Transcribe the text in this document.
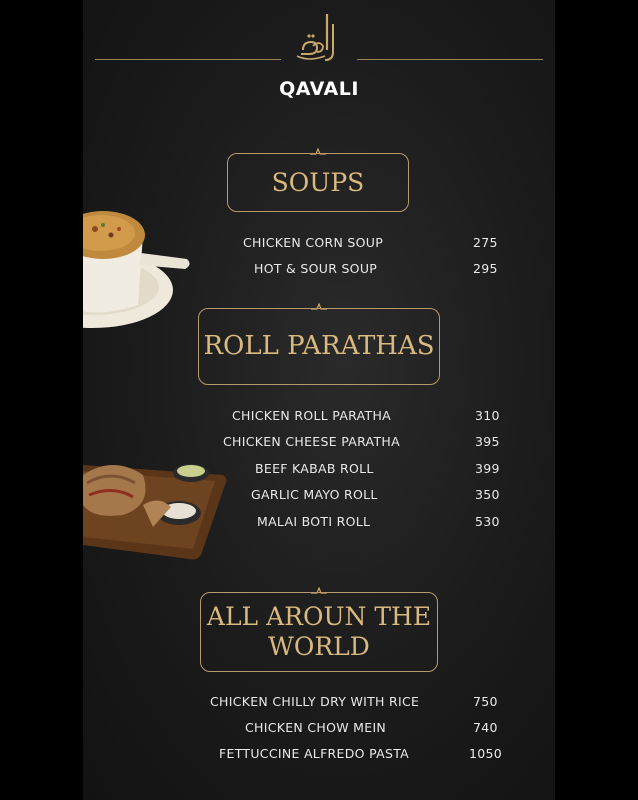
QAVALI
SOUPS
CHICKEN CORN SOUP	275
HOT & SOUR SOUP	295
ROLL PARATHAS
CHICKEN ROLL PARATHA	310
CHICKEN CHEESE PARATHA	395
BEEF KABAB ROLL	399
GARLIC MAYO ROLL	350
MALAI BOTI ROLL	530
ALL AROUN THE
WORLD
CHICKEN CHILLY DRY WITH RICE	750
CHICKEN CHOW MEIN	740
FETTUCCINE ALFREDO PASTA	1050
